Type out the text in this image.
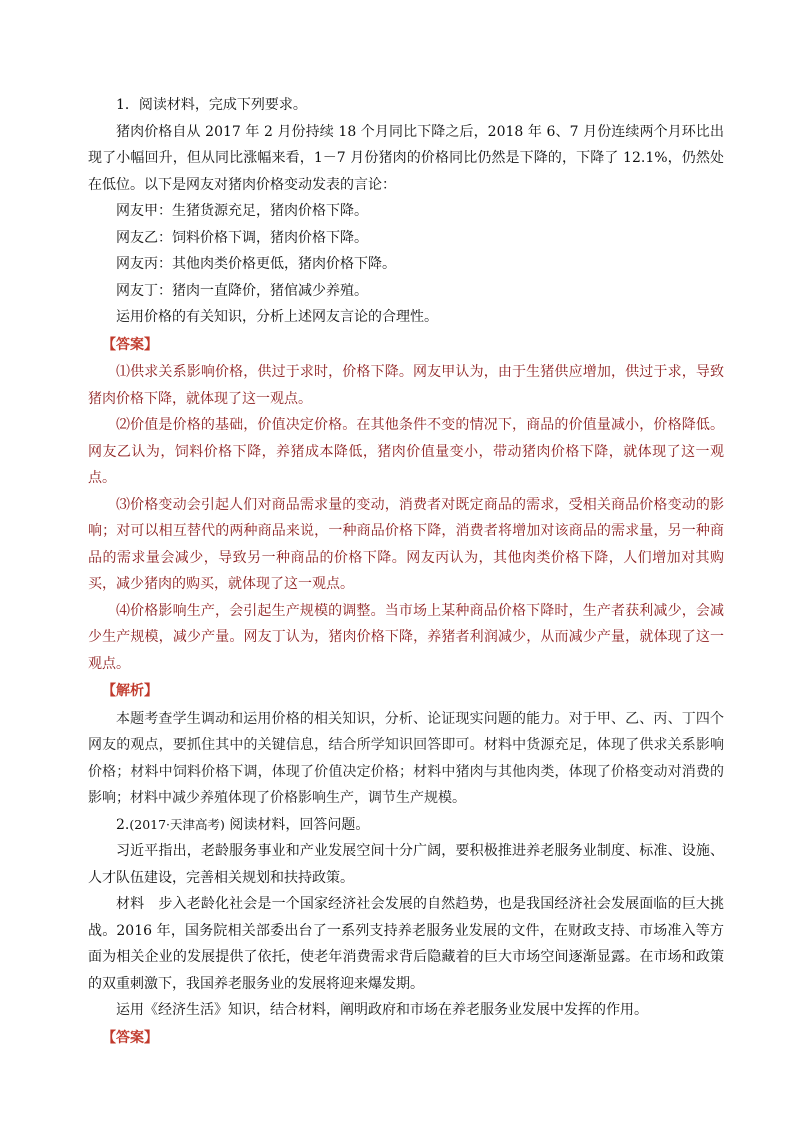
1．阅读材料，完成下列要求。

猪肉价格自从 2017 年 2 月份持续 18 个月同比下降之后，2018 年 6、7 月份连续两个月环比出现了小幅回升，但从同比涨幅来看，1－7 月份猪肉的价格同比仍然是下降的，下降了 12.1%，仍然处在低位。以下是网友对猪肉价格变动发表的言论：

网友甲：生猪货源充足，猪肉价格下降。

网友乙：饲料价格下调，猪肉价格下降。

网友丙：其他肉类价格更低，猪肉价格下降。

网友丁：猪肉一直降价，猪倌减少养殖。

运用价格的有关知识，分析上述网友言论的合理性。

【答案】

⑴供求关系影响价格，供过于求时，价格下降。网友甲认为，由于生猪供应增加，供过于求，导致猪肉价格下降，就体现了这一观点。

⑵价值是价格的基础，价值决定价格。在其他条件不变的情况下，商品的价值量减小，价格降低。网友乙认为，饲料价格下降，养猪成本降低，猪肉价值量变小，带动猪肉价格下降，就体现了这一观点。

⑶价格变动会引起人们对商品需求量的变动，消费者对既定商品的需求，受相关商品价格变动的影响；对可以相互替代的两种商品来说，一种商品价格下降，消费者将增加对该商品的需求量，另一种商品的需求量会减少，导致另一种商品的价格下降。网友丙认为，其他肉类价格下降，人们增加对其购买，减少猪肉的购买，就体现了这一观点。

⑷价格影响生产，会引起生产规模的调整。当市场上某种商品价格下降时，生产者获利减少，会减少生产规模，减少产量。网友丁认为，猪肉价格下降，养猪者利润减少，从而减少产量，就体现了这一观点。

【解析】

本题考查学生调动和运用价格的相关知识，分析、论证现实问题的能力。对于甲、乙、丙、丁四个网友的观点，要抓住其中的关键信息，结合所学知识回答即可。材料中货源充足，体现了供求关系影响价格；材料中饲料价格下调，体现了价值决定价格；材料中猪肉与其他肉类，体现了价格变动对消费的影响；材料中减少养殖体现了价格影响生产，调节生产规模。

2.(2017·天津高考) 阅读材料，回答问题。

习近平指出，老龄服务事业和产业发展空间十分广阔，要积极推进养老服务业制度、标准、设施、人才队伍建设，完善相关规划和扶持政策。

材料　步入老龄化社会是一个国家经济社会发展的自然趋势，也是我国经济社会发展面临的巨大挑战。2016 年，国务院相关部委出台了一系列支持养老服务业发展的文件，在财政支持、市场准入等方面为相关企业的发展提供了依托，使老年消费需求背后隐藏着的巨大市场空间逐渐显露。在市场和政策的双重刺激下，我国养老服务业的发展将迎来爆发期。

运用《经济生活》知识，结合材料，阐明政府和市场在养老服务业发展中发挥的作用。

【答案】
